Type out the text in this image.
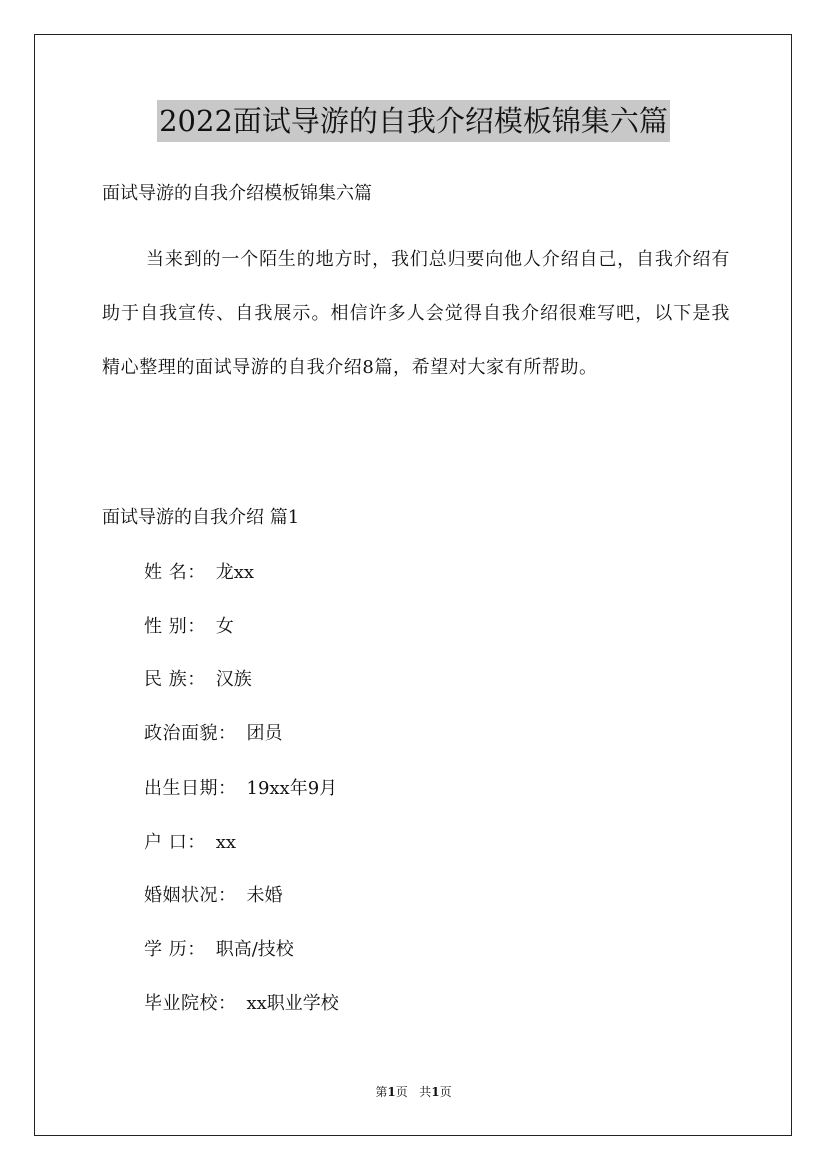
2022面试导游的自我介绍模板锦集六篇
面试导游的自我介绍模板锦集六篇
当来到的一个陌生的地方时，我们总归要向他人介绍自己，自我介绍有助于自我宣传、自我展示。相信许多人会觉得自我介绍很难写吧，以下是我精心整理的面试导游的自我介绍8篇，希望对大家有所帮助。
面试导游的自我介绍 篇1
姓 名： 龙xx
性 别： 女
民 族： 汉族
政治面貌： 团员
出生日期： 19xx年9月
户 口： xx
婚姻状况： 未婚
学 历： 职高/技校
毕业院校： xx职业学校
第1页 共1页
